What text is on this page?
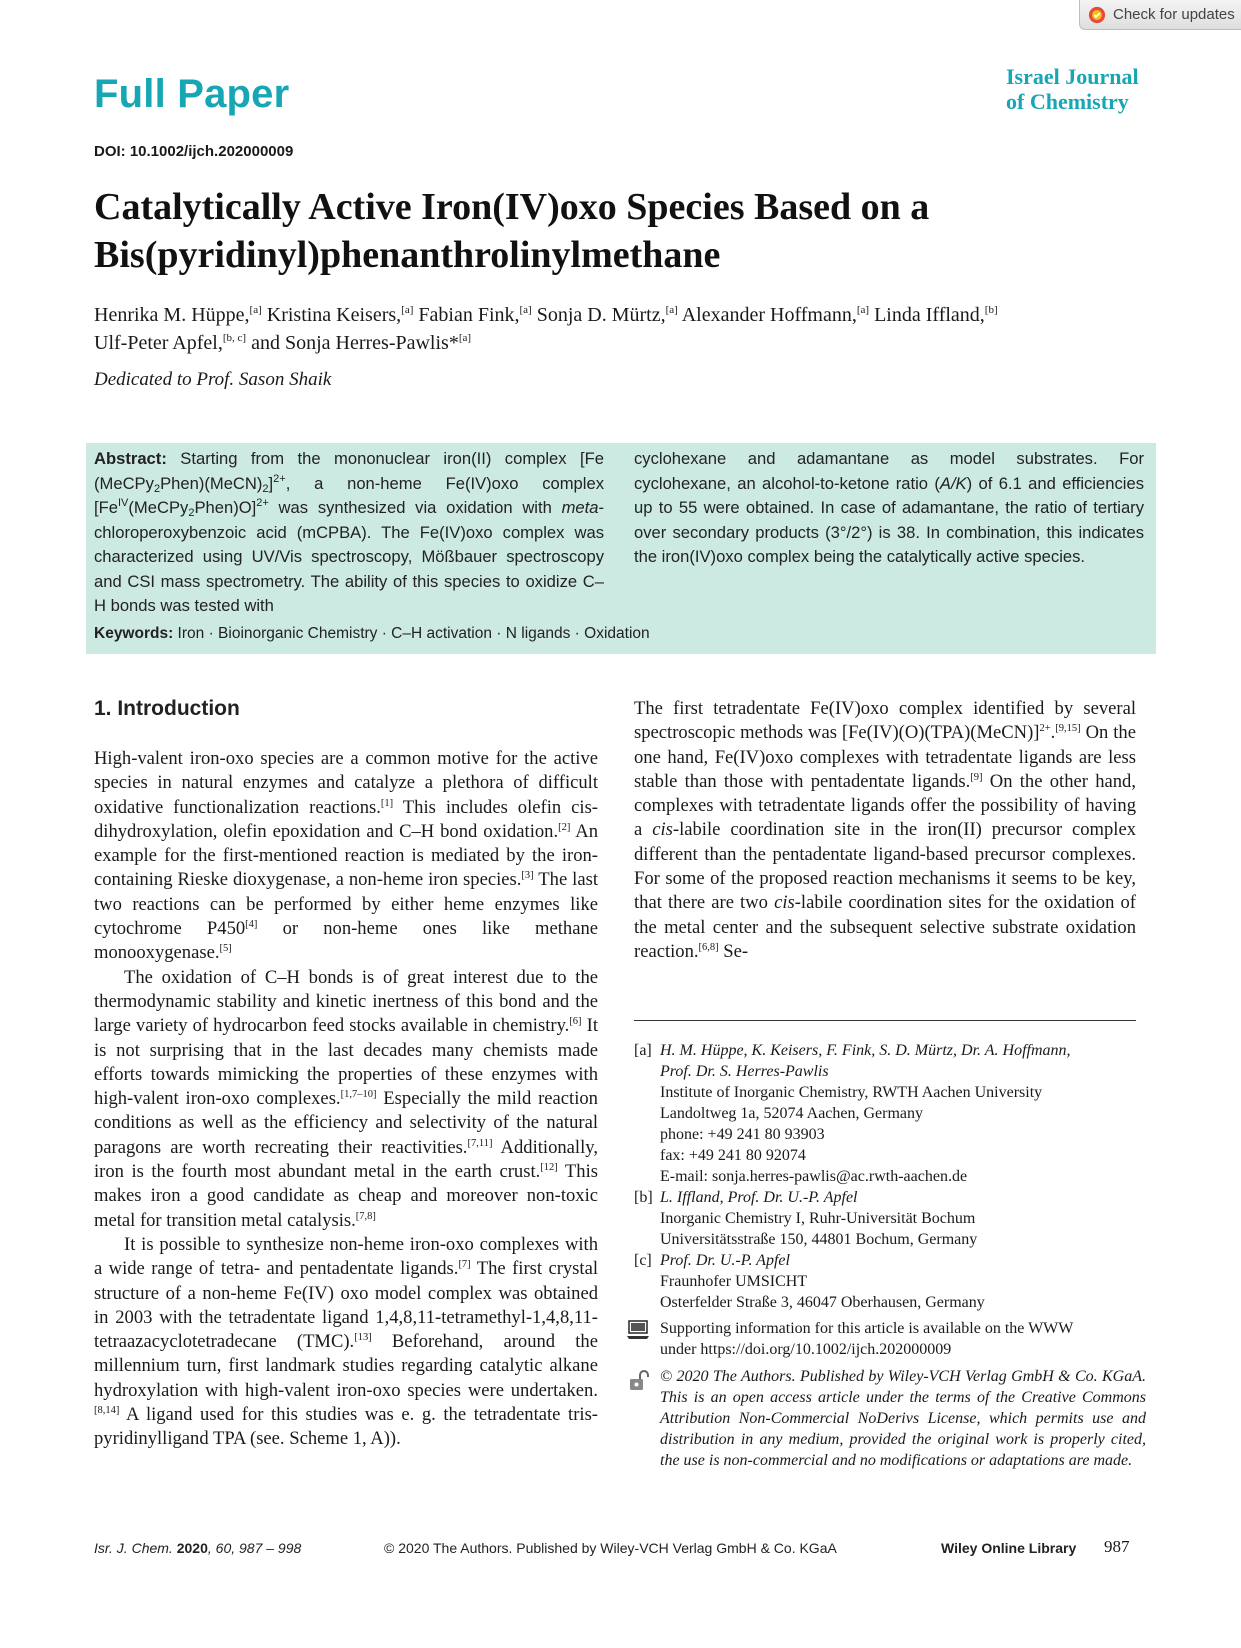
Check for updates
Full Paper	Israel Journal
of Chemistry
DOI: 10.1002/ijch.202000009
Catalytically Active Iron(IV)oxo Species Based on a
Bis(pyridinyl)phenanthrolinylmethane
Henrika M. Hüppe,[a] Kristina Keisers,[a] Fabian Fink,[a] Sonja D. Mürtz,[a] Alexander Hoffmann,[a] Linda Iffland,[b]
Ulf-Peter Apfel,[b, c] and Sonja Herres-Pawlis*[a]
Dedicated to Prof. Sason Shaik
Abstract: Starting from the mononuclear iron(II) complex [Fe $(MeCPy_2Phen)(MeCN)_2]^{2+}$, a non-heme Fe(IV)oxo complex $[Fe^{IV}(MeCPy_2Phen)O]^{2+}$ was synthesized via oxidation with meta-chloroperoxybenzoic acid (mCPBA). The Fe(IV)oxo complex was characterized using UV/Vis spectroscopy, Mößbauer spectroscopy and CSI mass spectrometry. The ability of this species to oxidize C–H bonds was tested with
cyclohexane and adamantane as model substrates. For cyclohexane, an alcohol-to-ketone ratio (A/K) of 6.1 and efficiencies up to 55 were obtained. In case of adamantane, the ratio of tertiary over secondary products (3°/2°) is 38. In combination, this indicates the iron(IV)oxo complex being the catalytically active species.
Keywords: Iron · Bioinorganic Chemistry · C–H activation · N ligands · Oxidation
1. Introduction

High-valent iron-oxo species are a common motive for the active species in natural enzymes and catalyze a plethora of difficult oxidative functionalization reactions.[1] This includes olefin cis-dihydroxylation, olefin epoxidation and C–H bond oxidation.[2] An example for the first-mentioned reaction is mediated by the iron-containing Rieske dioxygenase, a non-heme iron species.[3] The last two reactions can be performed by either heme enzymes like cytochrome P450[4] or non-heme ones like methane monooxygenase.[5]

The oxidation of C–H bonds is of great interest due to the thermodynamic stability and kinetic inertness of this bond and the large variety of hydrocarbon feed stocks available in chemistry.[6] It is not surprising that in the last decades many chemists made efforts towards mimicking the properties of these enzymes with high-valent iron-oxo complexes.[1,7–10] Especially the mild reaction conditions as well as the efficiency and selectivity of the natural paragons are worth recreating their reactivities.[7,11] Additionally, iron is the fourth most abundant metal in the earth crust.[12] This makes iron a good candidate as cheap and moreover non-toxic metal for transition metal catalysis.[7,8]

It is possible to synthesize non-heme iron-oxo complexes with a wide range of tetra- and pentadentate ligands.[7] The first crystal structure of a non-heme Fe(IV) oxo model complex was obtained in 2003 with the tetradentate ligand 1,4,8,11-tetramethyl-1,4,8,11-tetraazacyclotetradecane (TMC).[13] Beforehand, around the millennium turn, first landmark studies regarding catalytic alkane hydroxylation with high-valent iron-oxo species were undertaken.[8,14] A ligand used for this studies was e. g. the tetradentate tris-pyridinylligand TPA (see. Scheme 1, A)).

The first tetradentate Fe(IV)oxo complex identified by several spectroscopic methods was [Fe(IV)(O)(TPA)(MeCN)]$^{2+}$.[9,15] On the one hand, Fe(IV)oxo complexes with tetradentate ligands are less stable than those with pentadentate ligands.[9] On the other hand, complexes with tetradentate ligands offer the possibility of having a cis-labile coordination site in the iron(II) precursor complex different than the pentadentate ligand-based precursor complexes. For some of the proposed reaction mechanisms it seems to be key, that there are two cis-labile coordination sites for the oxidation of the metal center and the subsequent selective substrate oxidation reaction.[6,8] Se-

[a] H. M. Hüppe, K. Keisers, F. Fink, S. D. Mürtz, Dr. A. Hoffmann,
Prof. Dr. S. Herres-Pawlis
Institute of Inorganic Chemistry, RWTH Aachen University
Landoltweg 1a, 52074 Aachen, Germany
phone: +49 241 80 93903
fax: +49 241 80 92074
E-mail: sonja.herres-pawlis@ac.rwth-aachen.de
[b] L. Iffland, Prof. Dr. U.-P. Apfel
Inorganic Chemistry I, Ruhr-Universität Bochum
Universitätsstraße 150, 44801 Bochum, Germany
[c] Prof. Dr. U.-P. Apfel
Fraunhofer UMSICHT
Osterfelder Straße 3, 46047 Oberhausen, Germany
Supporting information for this article is available on the WWW
under https://doi.org/10.1002/ijch.202000009
© 2020 The Authors. Published by Wiley-VCH Verlag GmbH & Co. KGaA. This is an open access article under the terms of the Creative Commons Attribution Non-Commercial NoDerivs License, which permits use and distribution in any medium, provided the original work is properly cited, the use is non-commercial and no modifications or adaptations are made.
Isr. J. Chem. 2020, 60, 987 – 998	© 2020 The Authors. Published by Wiley-VCH Verlag GmbH & Co. KGaA	Wiley Online Library 987
